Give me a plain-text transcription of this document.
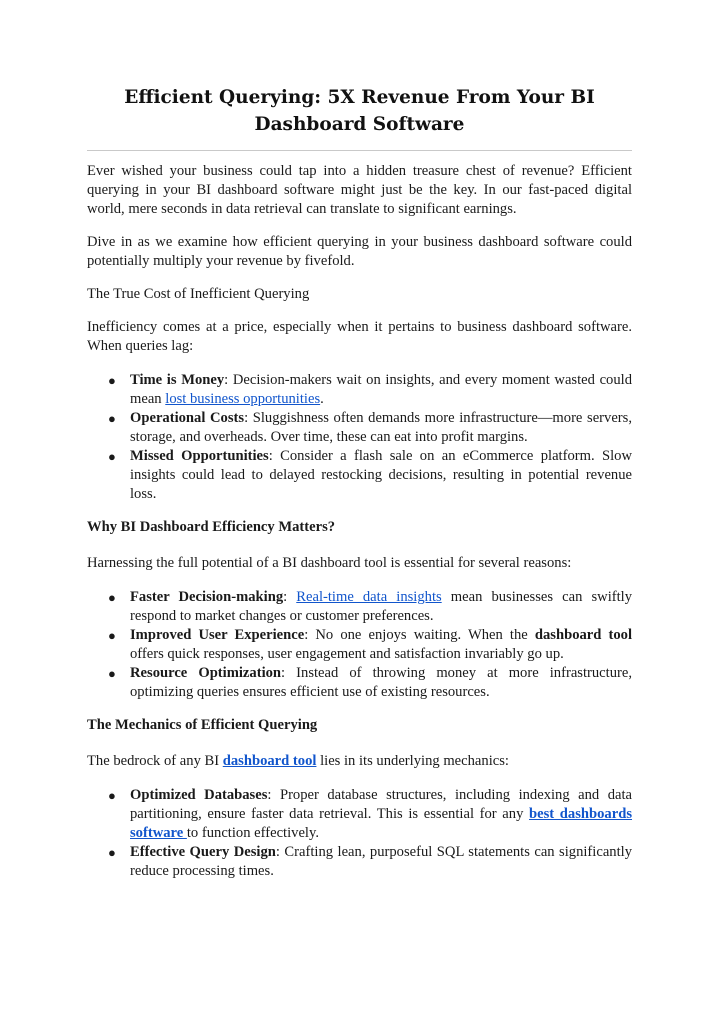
Efficient Querying: 5X Revenue From Your BI Dashboard Software

Ever wished your business could tap into a hidden treasure chest of revenue? Efficient querying in your BI dashboard software might just be the key. In our fast-paced digital world, mere seconds in data retrieval can translate to significant earnings.

Dive in as we examine how efficient querying in your business dashboard software could potentially multiply your revenue by fivefold.

The True Cost of Inefficient Querying

Inefficiency comes at a price, especially when it pertains to business dashboard software. When queries lag:

● Time is Money: Decision-makers wait on insights, and every moment wasted could mean lost business opportunities.
● Operational Costs: Sluggishness often demands more infrastructure—more servers, storage, and overheads. Over time, these can eat into profit margins.
● Missed Opportunities: Consider a flash sale on an eCommerce platform. Slow insights could lead to delayed restocking decisions, resulting in potential revenue loss.
Why BI Dashboard Efficiency Matters?

Harnessing the full potential of a BI dashboard tool is essential for several reasons:

● Faster Decision-making: Real-time data insights mean businesses can swiftly respond to market changes or customer preferences.
● Improved User Experience: No one enjoys waiting. When the dashboard tool offers quick responses, user engagement and satisfaction invariably go up.
● Resource Optimization: Instead of throwing money at more infrastructure, optimizing queries ensures efficient use of existing resources.
The Mechanics of Efficient Querying

The bedrock of any BI dashboard tool lies in its underlying mechanics:

● Optimized Databases: Proper database structures, including indexing and data partitioning, ensure faster data retrieval. This is essential for any best dashboards software to function effectively.
● Effective Query Design: Crafting lean, purposeful SQL statements can significantly reduce processing times.
